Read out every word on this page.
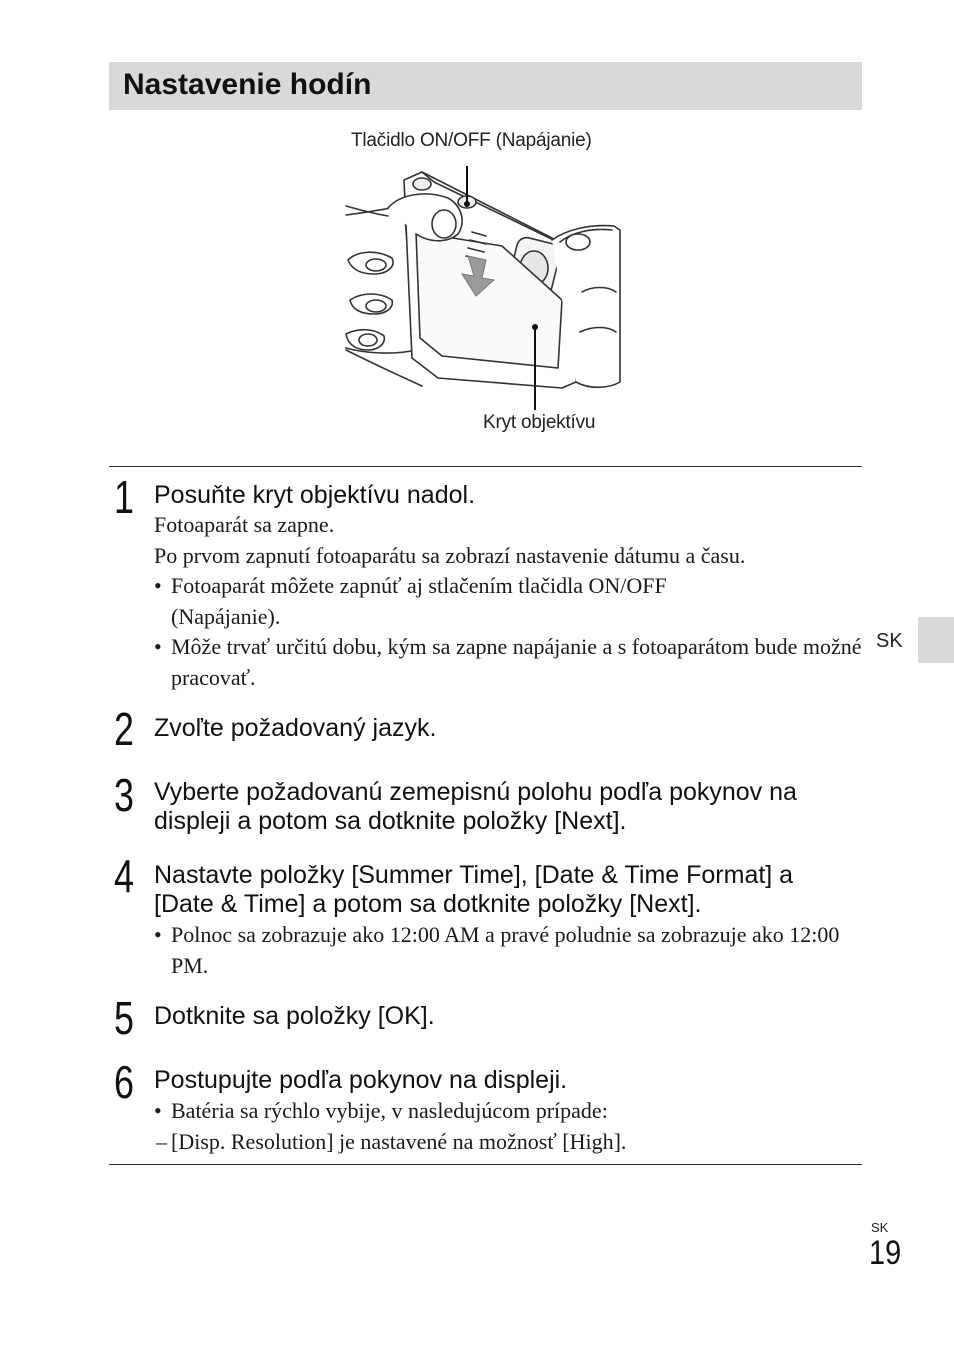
Nastavenie hodín
Tlačidlo ON/OFF (Napájanie)
Kryt objektívu
1 Posuňte kryt objektívu nadol.
Fotoaparát sa zapne.
Po prvom zapnutí fotoaparátu sa zobrazí nastavenie dátumu a času.
• Fotoaparát môžete zapnúť aj stlačením tlačidla ON/OFF (Napájanie).
• Môže trvať určitú dobu, kým sa zapne napájanie a s fotoaparátom bude možné pracovať.
2 Zvoľte požadovaný jazyk.
3 Vyberte požadovanú zemepisnú polohu podľa pokynov na displeji a potom sa dotknite položky [Next].
4 Nastavte položky [Summer Time], [Date & Time Format] a [Date & Time] a potom sa dotknite položky [Next].
• Polnoc sa zobrazuje ako 12:00 AM a pravé poludnie sa zobrazuje ako 12:00 PM.
5 Dotknite sa položky [OK].
6 Postupujte podľa pokynov na displeji.
• Batéria sa rýchlo vybije, v nasledujúcom prípade:
– [Disp. Resolution] je nastavené na možnosť [High].
SK
SK
19
